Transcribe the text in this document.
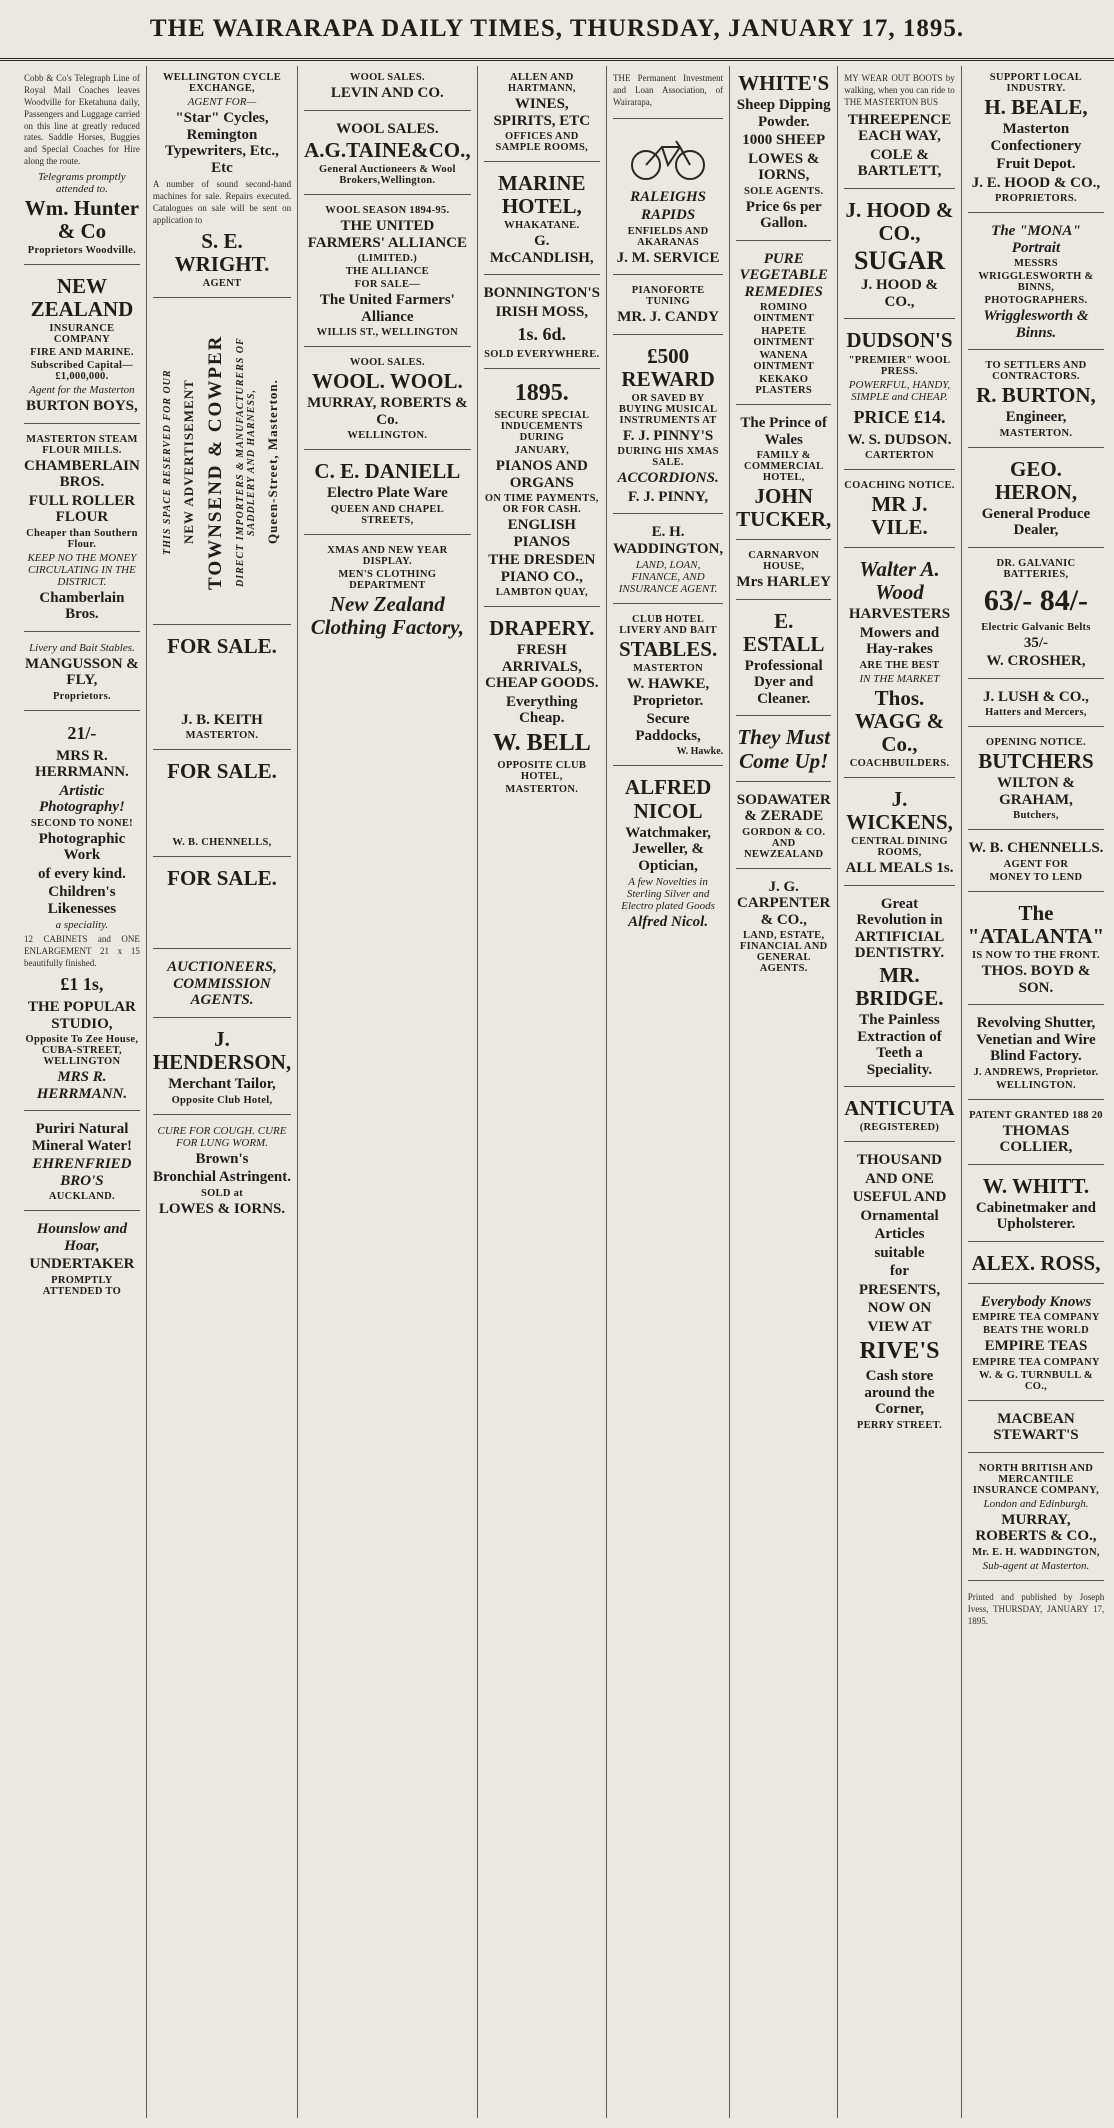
THE WAIRARAPA DAILY TIMES, THURSDAY, JANUARY 17, 1895.

Cobb & Co's Telegraph Line of Royal Mail Coaches leaves Woodville for Eketahuna daily, Passengers and Luggage carried on this line at greatly reduced rates. Saddle Horses, Buggies and Special Coaches for Hire along the route.

Telegrams promptly attended to.
Wm. Hunter & Co
Proprietors Woodville.
NEW ZEALAND
INSURANCE COMPANY
FIRE AND MARINE.
Subscribed Capital—£1,000,000.
Agent for the Masterton
BURTON BOYS,
MASTERTON STEAM FLOUR MILLS.
CHAMBERLAIN BROS.
FULL ROLLER FLOUR
Cheaper than Southern Flour.
KEEP NO THE MONEY CIRCULATING IN THE DISTRICT.
Chamberlain Bros.
Livery and Bait Stables.
MANGUSSON & FLY,
Proprietors.
21/-
MRS R. HERRMANN.
Artistic Photography!
SECOND TO NONE!
Photographic Work
of every kind.
Children's Likenesses
a speciality.

12 CABINETS and ONE ENLARGEMENT 21 x 15 beautifully finished.

£1 1s,
THE POPULAR STUDIO,
Opposite To Zee House, CUBA-STREET, WELLINGTON
MRS R. HERRMANN.
Puriri Natural Mineral Water!
EHRENFRIED BRO'S
AUCKLAND.
Hounslow and Hoar,
UNDERTAKER
PROMPTLY ATTENDED TO
WELLINGTON CYCLE EXCHANGE,
AGENT FOR—
"Star" Cycles, Remington Typewriters, Etc., Etc

A number of sound second-hand machines for sale. Repairs executed. Catalogues on sale will be sent on application to

S. E. WRIGHT.
AGENT
THIS SPACE RESERVED FOR OUR NEW ADVERTISEMENT TOWNSEND & COWPER DIRECT IMPORTERS & MANUFACTURERS OF SADDLERY AND HARNESS, Queen-Street, Masterton.
FOR SALE.
J. B. KEITH
MASTERTON.
FOR SALE.
W. B. CHENNELLS,
FOR SALE.
AUCTIONEERS, COMMISSION AGENTS.
J. HENDERSON,
Merchant Tailor,
Opposite Club Hotel,
CURE FOR COUGH. CURE FOR LUNG WORM.
Brown's
Bronchial Astringent.
SOLD at
LOWES & IORNS.
WOOL SALES.
LEVIN AND CO.
WOOL SALES.
A.G.TAINE&CO.,
General Auctioneers & Wool Brokers,Wellington.
WOOL SEASON 1894-95.
THE UNITED FARMERS' ALLIANCE
(LIMITED.)
THE ALLIANCE
FOR SALE—
The United Farmers' Alliance
WILLIS ST., WELLINGTON
WOOL SALES.
WOOL. WOOL.
MURRAY, ROBERTS & Co.
WELLINGTON.
C. E. DANIELL
Electro Plate Ware
QUEEN AND CHAPEL STREETS,
XMAS AND NEW YEAR DISPLAY.
MEN'S CLOTHING DEPARTMENT
New Zealand Clothing Factory,
ALLEN AND HARTMANN,
WINES, SPIRITS, ETC
OFFICES AND SAMPLE ROOMS,
MARINE HOTEL,
WHAKATANE.
G. McCANDLISH,
BONNINGTON'S
IRISH MOSS,
1s. 6d.
SOLD EVERYWHERE.
1895.
SECURE SPECIAL INDUCEMENTS DURING
JANUARY,
PIANOS AND ORGANS
ON TIME PAYMENTS, OR FOR CASH.
ENGLISH PIANOS
THE DRESDEN PIANO CO.,
LAMBTON QUAY,
DRAPERY.
FRESH ARRIVALS, CHEAP GOODS.
Everything Cheap.
W. BELL
OPPOSITE CLUB HOTEL,
MASTERTON.

THE Permanent Investment and Loan Association, of Wairarapa,

RALEIGHS
RAPIDS
ENFIELDS AND AKARANAS
J. M. SERVICE
PIANOFORTE TUNING
MR. J. CANDY
£500 REWARD
OR SAVED BY BUYING MUSICAL INSTRUMENTS AT
F. J. PINNY'S
DURING HIS XMAS SALE.
ACCORDIONS.
F. J. PINNY,
E. H. WADDINGTON,
LAND, LOAN, FINANCE, AND INSURANCE AGENT.
CLUB HOTEL LIVERY AND BAIT
STABLES.
MASTERTON
W. HAWKE, Proprietor.
Secure Paddocks,
W. Hawke.
ALFRED NICOL
Watchmaker, Jeweller, & Optician,
A few Novelties in Sterling Silver and Electro plated Goods
Alfred Nicol.
WHITE'S
Sheep Dipping Powder.
1000 SHEEP
LOWES & IORNS,
SOLE AGENTS.
Price 6s per Gallon.
PURE VEGETABLE REMEDIES
ROMINO OINTMENT
HAPETE OINTMENT
WANENA OINTMENT
KEKAKO PLASTERS
The Prince of Wales
FAMILY & COMMERCIAL HOTEL,
JOHN TUCKER,
CARNARVON HOUSE,
Mrs HARLEY
E. ESTALL
Professional Dyer and Cleaner.
They Must Come Up!
SODAWATER & ZERADE
GORDON & CO. AND NEWZEALAND
J. G. CARPENTER & CO.,
LAND, ESTATE, FINANCIAL AND GENERAL AGENTS.

MY WEAR OUT BOOTS by walking, when you can ride to THE MASTERTON BUS

THREEPENCE EACH WAY,
COLE & BARTLETT,
J. HOOD & CO.,
SUGAR
J. HOOD & CO.,
DUDSON'S
"PREMIER" WOOL PRESS.
POWERFUL, HANDY, SIMPLE and CHEAP.
PRICE £14.
W. S. DUDSON.
CARTERTON
COACHING NOTICE.
MR J. VILE.
Walter A. Wood
HARVESTERS
Mowers and Hay-rakes
ARE THE BEST
IN THE MARKET
Thos. WAGG & Co.,
COACHBUILDERS.
J. WICKENS,
CENTRAL DINING ROOMS,
ALL MEALS 1s.
Great Revolution in ARTIFICIAL DENTISTRY.
MR. BRIDGE.
The Painless Extraction of Teeth a Speciality.
ANTICUTA
(REGISTERED)
THOUSAND
AND ONE
USEFUL AND
Ornamental
Articles
suitable
for
PRESENTS,
NOW ON
VIEW AT
RIVE'S
Cash store around the Corner,
PERRY STREET.
SUPPORT LOCAL INDUSTRY.
H. BEALE,
Masterton Confectionery
Fruit Depot.
J. E. HOOD & CO.,
PROPRIETORS.
The "MONA" Portrait
MESSRS
WRIGGLESWORTH & BINNS,
PHOTOGRAPHERS.
Wrigglesworth & Binns.
TO SETTLERS AND CONTRACTORS.
R. BURTON,
Engineer,
MASTERTON.
GEO. HERON,
General Produce Dealer,
DR. GALVANIC BATTERIES,
63/- 84/-
Electric Galvanic Belts
35/-
W. CROSHER,
J. LUSH & CO.,
Hatters and Mercers,
OPENING NOTICE.
BUTCHERS
WILTON & GRAHAM,
Butchers,
W. B. CHENNELLS.
AGENT FOR
MONEY TO LEND
The "ATALANTA"
IS NOW TO THE FRONT.
THOS. BOYD & SON.
Revolving Shutter, Venetian and Wire Blind Factory.
J. ANDREWS, Proprietor.
WELLINGTON.
PATENT GRANTED 188 20
THOMAS COLLIER,
W. WHITT.
Cabinetmaker and Upholsterer.
ALEX. ROSS,
Everybody Knows
EMPIRE TEA COMPANY
BEATS THE WORLD
EMPIRE TEAS
EMPIRE TEA COMPANY
W. & G. TURNBULL & CO.,
MACBEAN STEWART'S
NORTH BRITISH AND MERCANTILE INSURANCE COMPANY,
London and Edinburgh.
MURRAY, ROBERTS & CO.,
Mr. E. H. WADDINGTON,
Sub-agent at Masterton.

Printed and published by Joseph Ivess, THURSDAY, JANUARY 17, 1895.
